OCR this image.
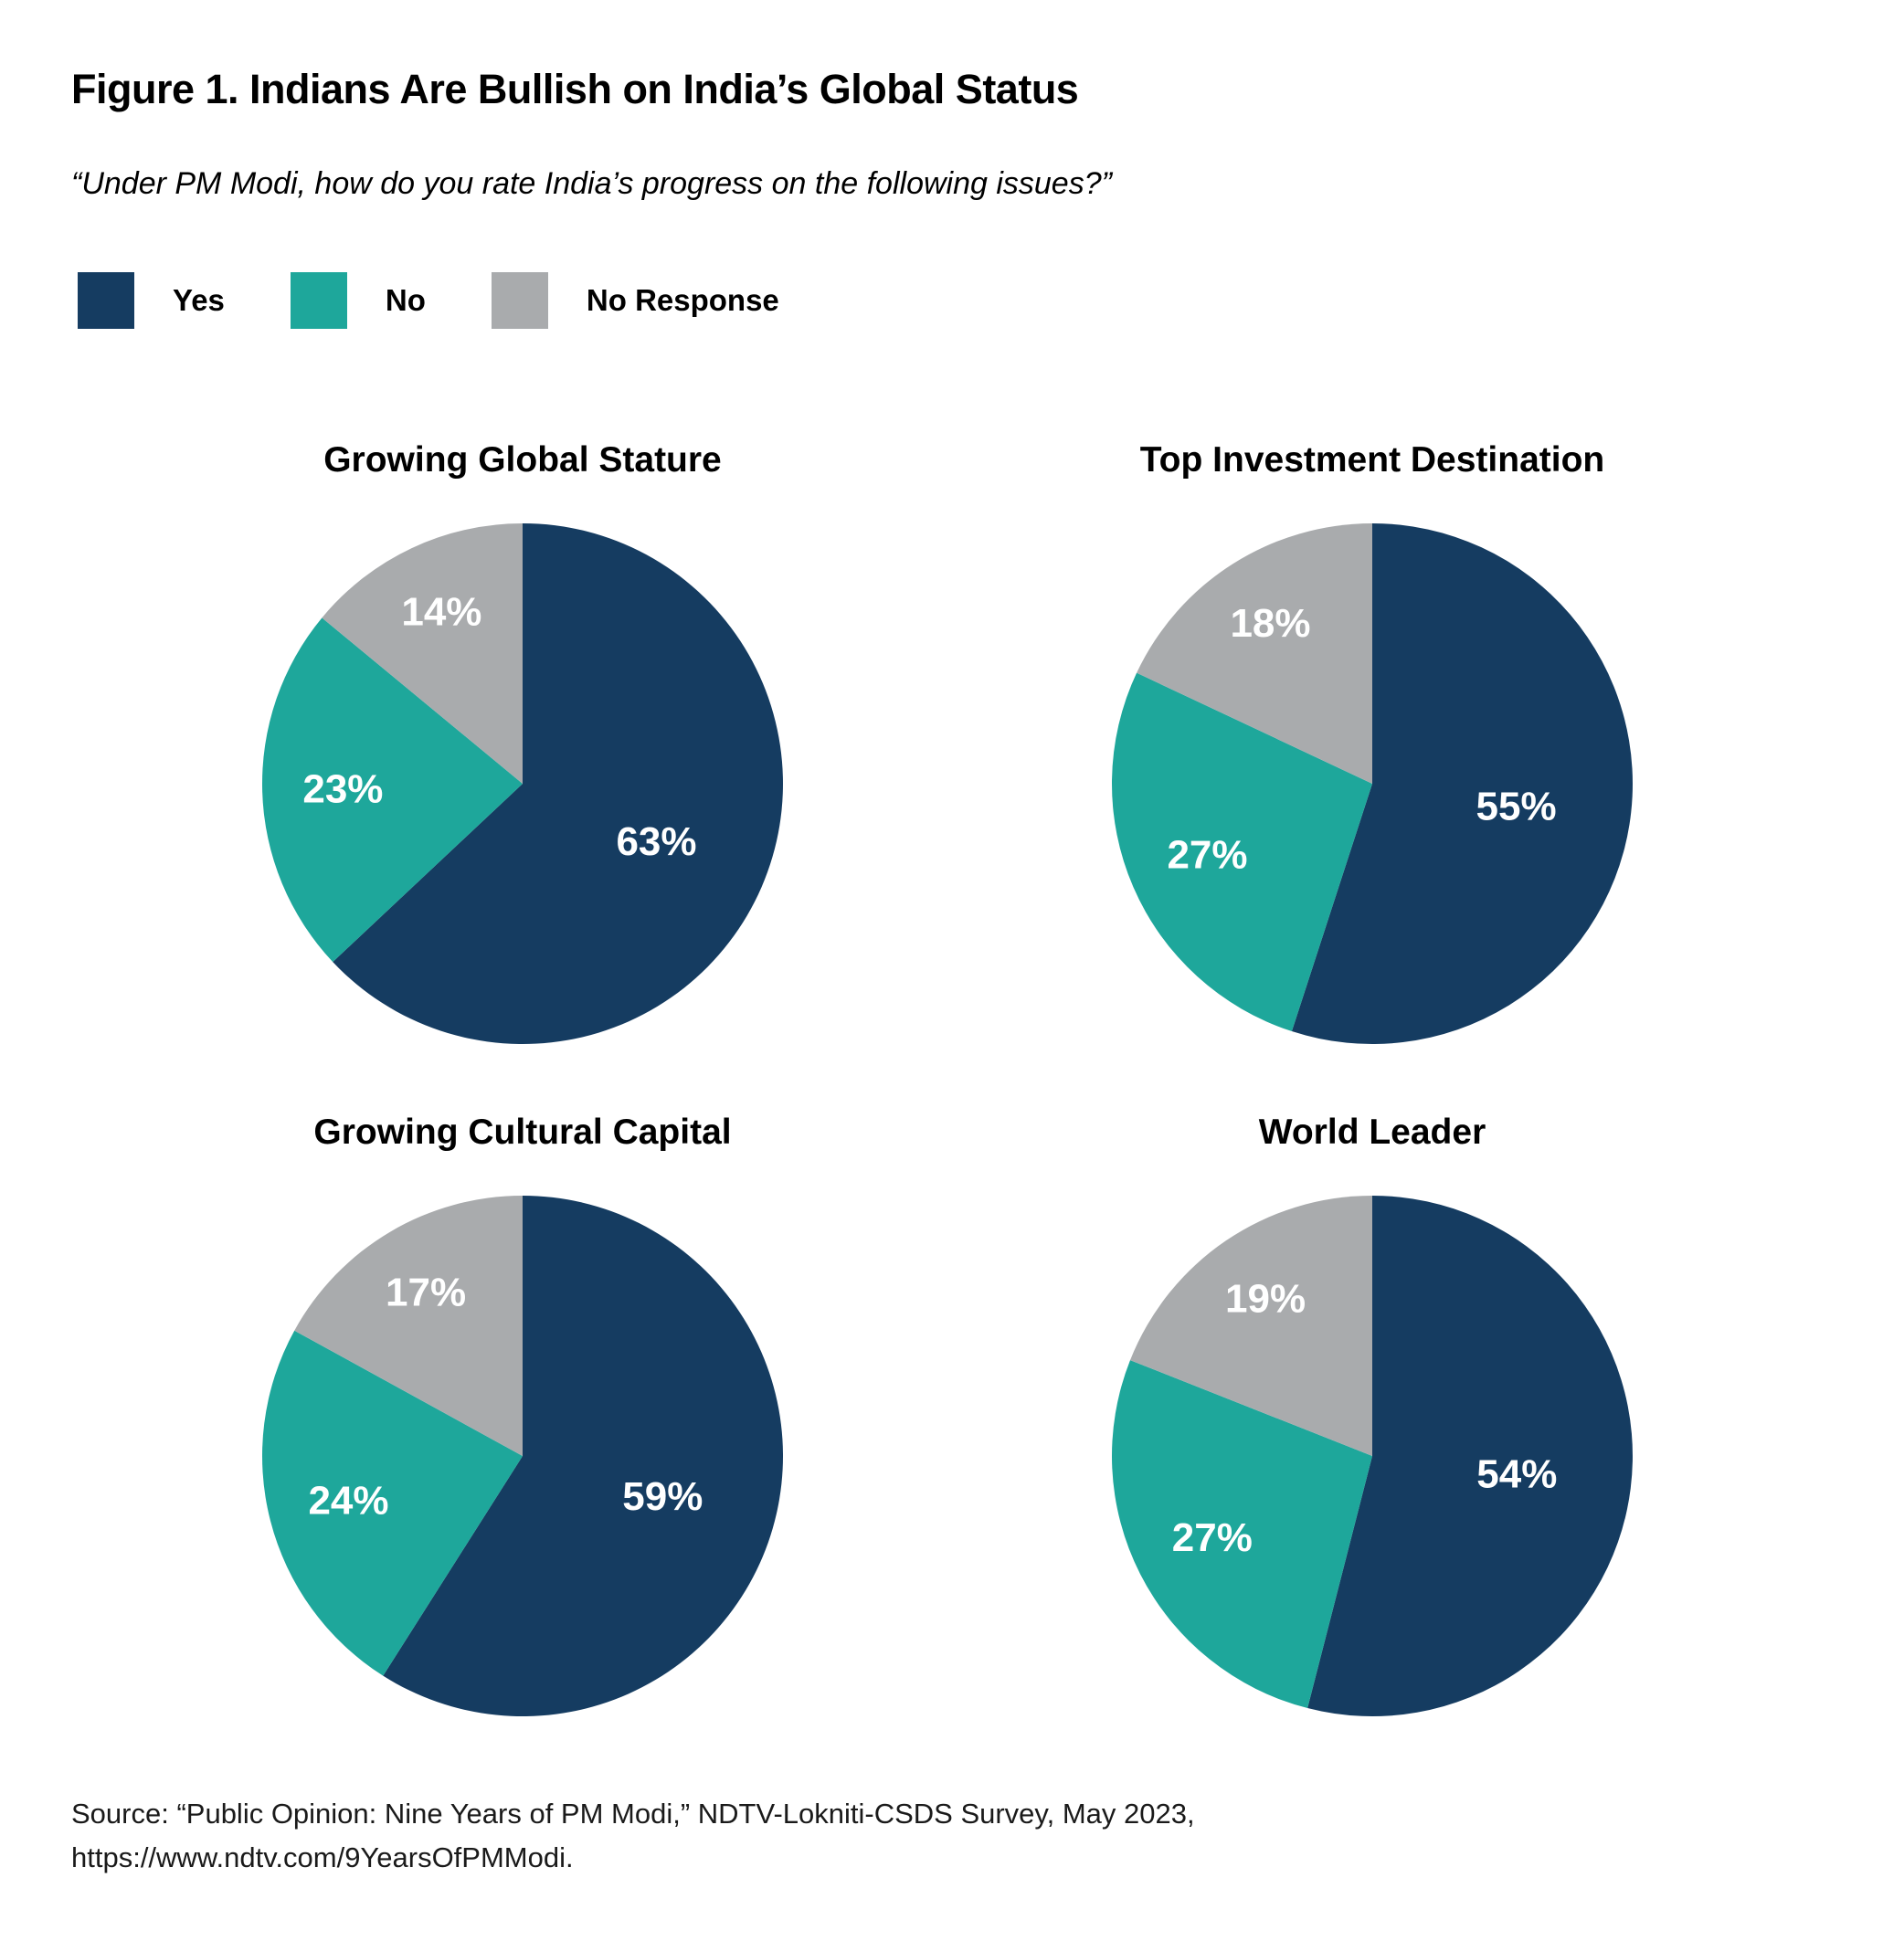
Figure 1. Indians Are Bullish on India’s Global Status

“Under PM Modi, how do you rate India’s progress on the following issues?”

Yes	No	No Response
Growing Global Stature
63%
23%
14%
Top Investment Destination
55%
27%
18%
Growing Cultural Capital
59%
24%
17%
World Leader
54%
27%
19%

Source: “Public Opinion: Nine Years of PM Modi,” NDTV-Lokniti-CSDS Survey, May 2023,
https://www.ndtv.com/9YearsOfPMModi.
